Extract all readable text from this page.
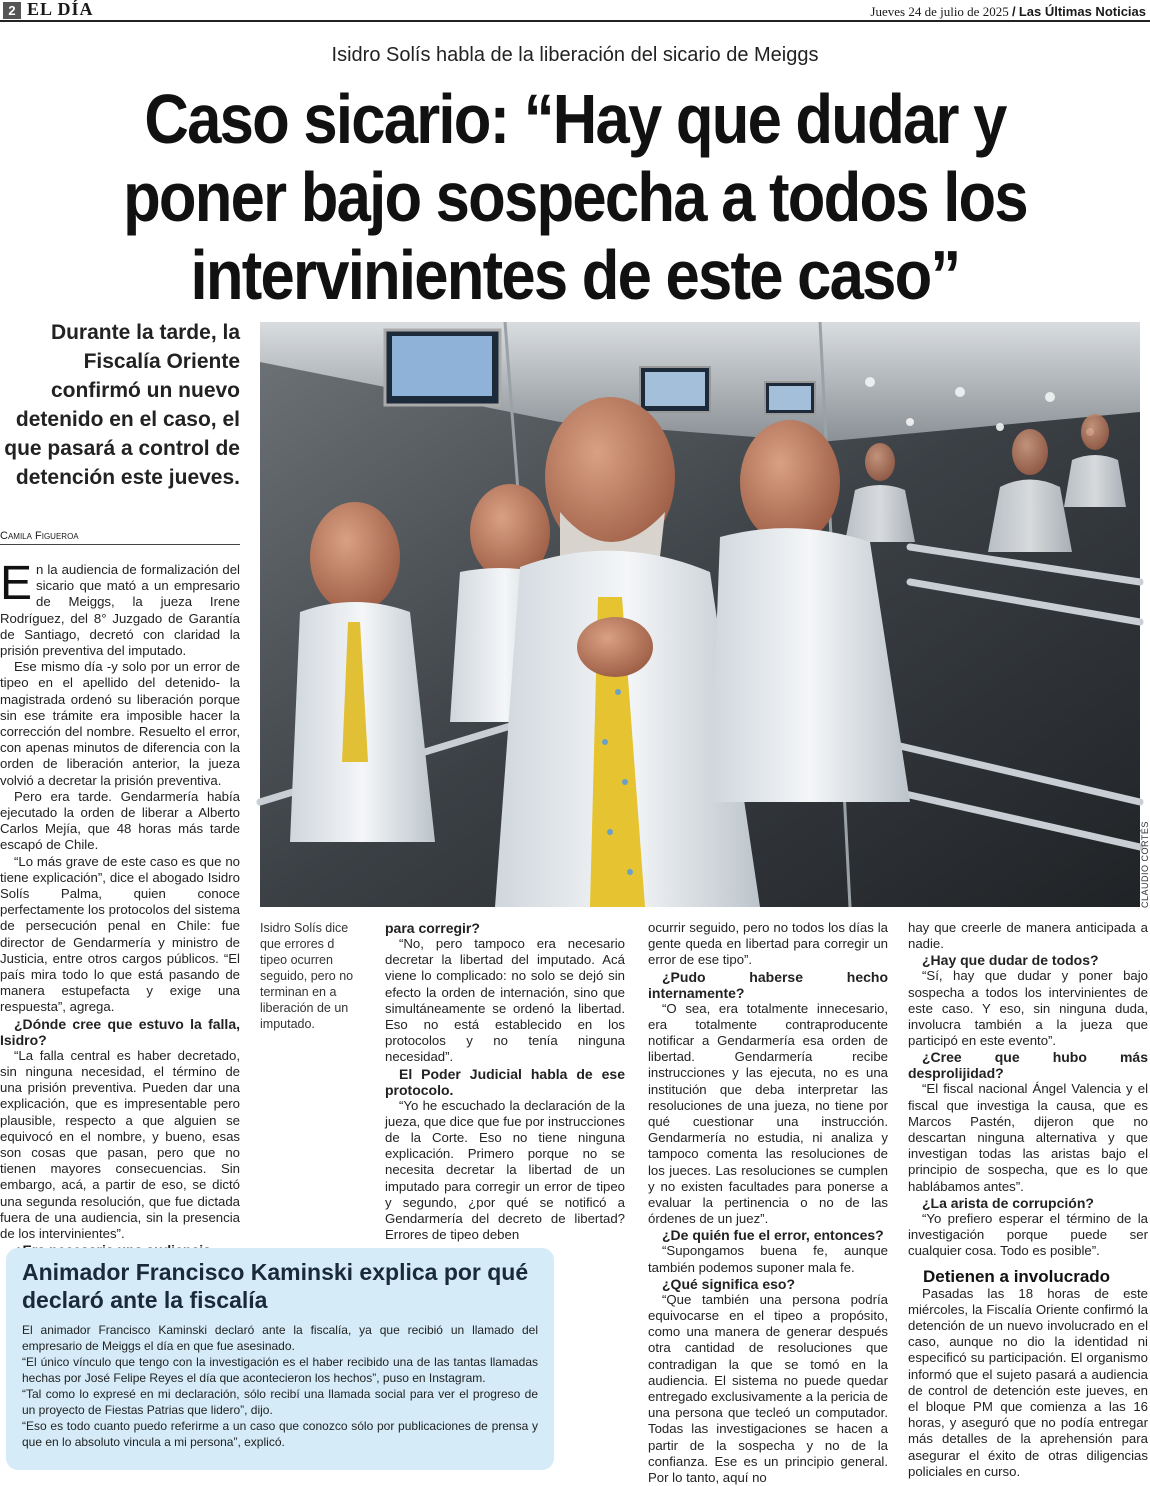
2 EL DÍA	Jueves 24 de julio de 2025 / Las Últimas Noticias
Isidro Solís habla de la liberación del sicario de Meiggs
Caso sicario: “Hay que dudar y poner bajo sospecha a todos los intervinientes de este caso”
Durante la tarde, la Fiscalía Oriente confirmó un nuevo detenido en el caso, el que pasará a control de detención este jueves.
Camila Figueroa
CLAUDIO CORTÉS

En la audiencia de formalización del sicario que mató a un empresario de Meiggs, la jueza Irene Rodríguez, del 8° Juzgado de Garantía de Santiago, decretó con claridad la prisión preventiva del imputado.

Ese mismo día -y solo por un error de tipeo en el apellido del detenido- la magistrada ordenó su liberación porque sin ese trámite era imposible hacer la corrección del nombre. Resuelto el error, con apenas minutos de diferencia con la orden de liberación anterior, la jueza volvió a decretar la prisión preventiva.

Pero era tarde. Gendarmería había ejecutado la orden de liberar a Alberto Carlos Mejía, que 48 horas más tarde escapó de Chile.

“Lo más grave de este caso es que no tiene explicación”, dice el abogado Isidro Solís Palma, quien conoce perfectamente los protocolos del sistema de persecución penal en Chile: fue director de Gendarmería y ministro de Justicia, entre otros cargos públicos. “El país mira todo lo que está pasando de manera estupefacta y exige una respuesta”, agrega.

¿Dónde cree que estuvo la falla, Isidro?

“La falla central es haber decretado, sin ninguna necesidad, el término de una prisión preventiva. Pueden dar una explicación, que es impresentable pero plausible, respecto a que alguien se equivocó en el nombre, y bueno, esas son cosas que pasan, pero que no tienen mayores consecuencias. Sin embargo, acá, a partir de eso, se dictó una segunda resolución, que fue dictada fuera de una audiencia, sin la presencia de los intervinientes”.

Isidro Solís dice que errores d tipeo ocurren seguido, pero no terminan en a liberación de un imputado.

para corregir?

“No, pero tampoco era necesario decretar la libertad del imputado. Acá viene lo complicado: no solo se dejó sin efecto la orden de internación, sino que simultáneamente se ordenó la libertad. Eso no está establecido en los protocolos y no tenía ninguna necesidad”.

El Poder Judicial habla de ese protocolo.

“Yo he escuchado la declaración de la jueza, que dice que fue por instrucciones de la Corte. Eso no tiene ninguna explicación. Primero porque no se necesita decretar la libertad de un imputado para corregir un error de tipeo y segundo, ¿por qué se notificó a Gendarmería del decreto de libertad? Errores de tipeo deben

ocurrir seguido, pero no todos los días la gente queda en libertad para corregir un error de ese tipo”.

¿Pudo haberse hecho internamente?

“O sea, era totalmente innecesario, era totalmente contraproducente notificar a Gendarmería esa orden de libertad. Gendarmería recibe instrucciones y las ejecuta, no es una institución que deba interpretar las resoluciones de una jueza, no tiene por qué cuestionar una instrucción. Gendarmería no estudia, ni analiza y tampoco comenta las resoluciones de los jueces. Las resoluciones se cumplen y no existen facultades para ponerse a evaluar la pertinencia o no de las órdenes de un juez”.

¿De quién fue el error, entonces?

“Supongamos buena fe, aunque también podemos suponer mala fe.

¿Qué significa eso?

“Que también una persona podría equivocarse en el tipeo a propósito, como una manera de generar después otra cantidad de resoluciones que contradigan la que se tomó en la audiencia. El sistema no puede quedar entregado exclusivamente a la pericia de una persona que tecleó un computador. Todas las investigaciones se hacen a partir de la sospecha y no de la confianza. Ese es un principio general. Por lo tanto, aquí no

hay que creerle de manera anticipada a nadie.

¿Hay que dudar de todos?

“Sí, hay que dudar y poner bajo sospecha a todos los intervinientes de este caso. Y eso, sin ninguna duda, involucra también a la jueza que participó en este evento”.

¿Cree que hubo más desprolijidad?

“El fiscal nacional Ángel Valencia y el fiscal que investiga la causa, que es Marcos Pastén, dijeron que no descartan ninguna alternativa y que investigan todas las aristas bajo el principio de sospecha, que es lo que hablábamos antes”.

¿La arista de corrupción?

“Yo prefiero esperar el término de la investigación porque puede ser cualquier cosa. Todo es posible”.

Detienen a involucrado

Pasadas las 18 horas de este miércoles, la Fiscalía Oriente confirmó la detención de un nuevo involucrado en el caso, aunque no dio la identidad ni especificó su participación. El organismo informó que el sujeto pasará a audiencia de control de detención este jueves, en el bloque PM que comienza a las 16 horas, y aseguró que no podía entregar más detalles de la aprehensión para asegurar el éxito de otras diligencias policiales en curso.

Animador Francisco Kaminski explica por qué declaró ante la fiscalía

El animador Francisco Kaminski declaró ante la fiscalía, ya que recibió un llamado del empresario de Meiggs el día en que fue asesinado.

“El único vínculo que tengo con la investigación es el haber recibido una de las tantas llamadas hechas por José Felipe Reyes el día que acontecieron los hechos”, puso en Instagram.

“Tal como lo expresé en mi declaración, sólo recibí una llamada social para ver el progreso de un proyecto de Fiestas Patrias que lidero”, dijo.

“Eso es todo cuanto puedo referirme a un caso que conozco sólo por publicaciones de prensa y que en lo absoluto vincula a mi persona”, explicó.
